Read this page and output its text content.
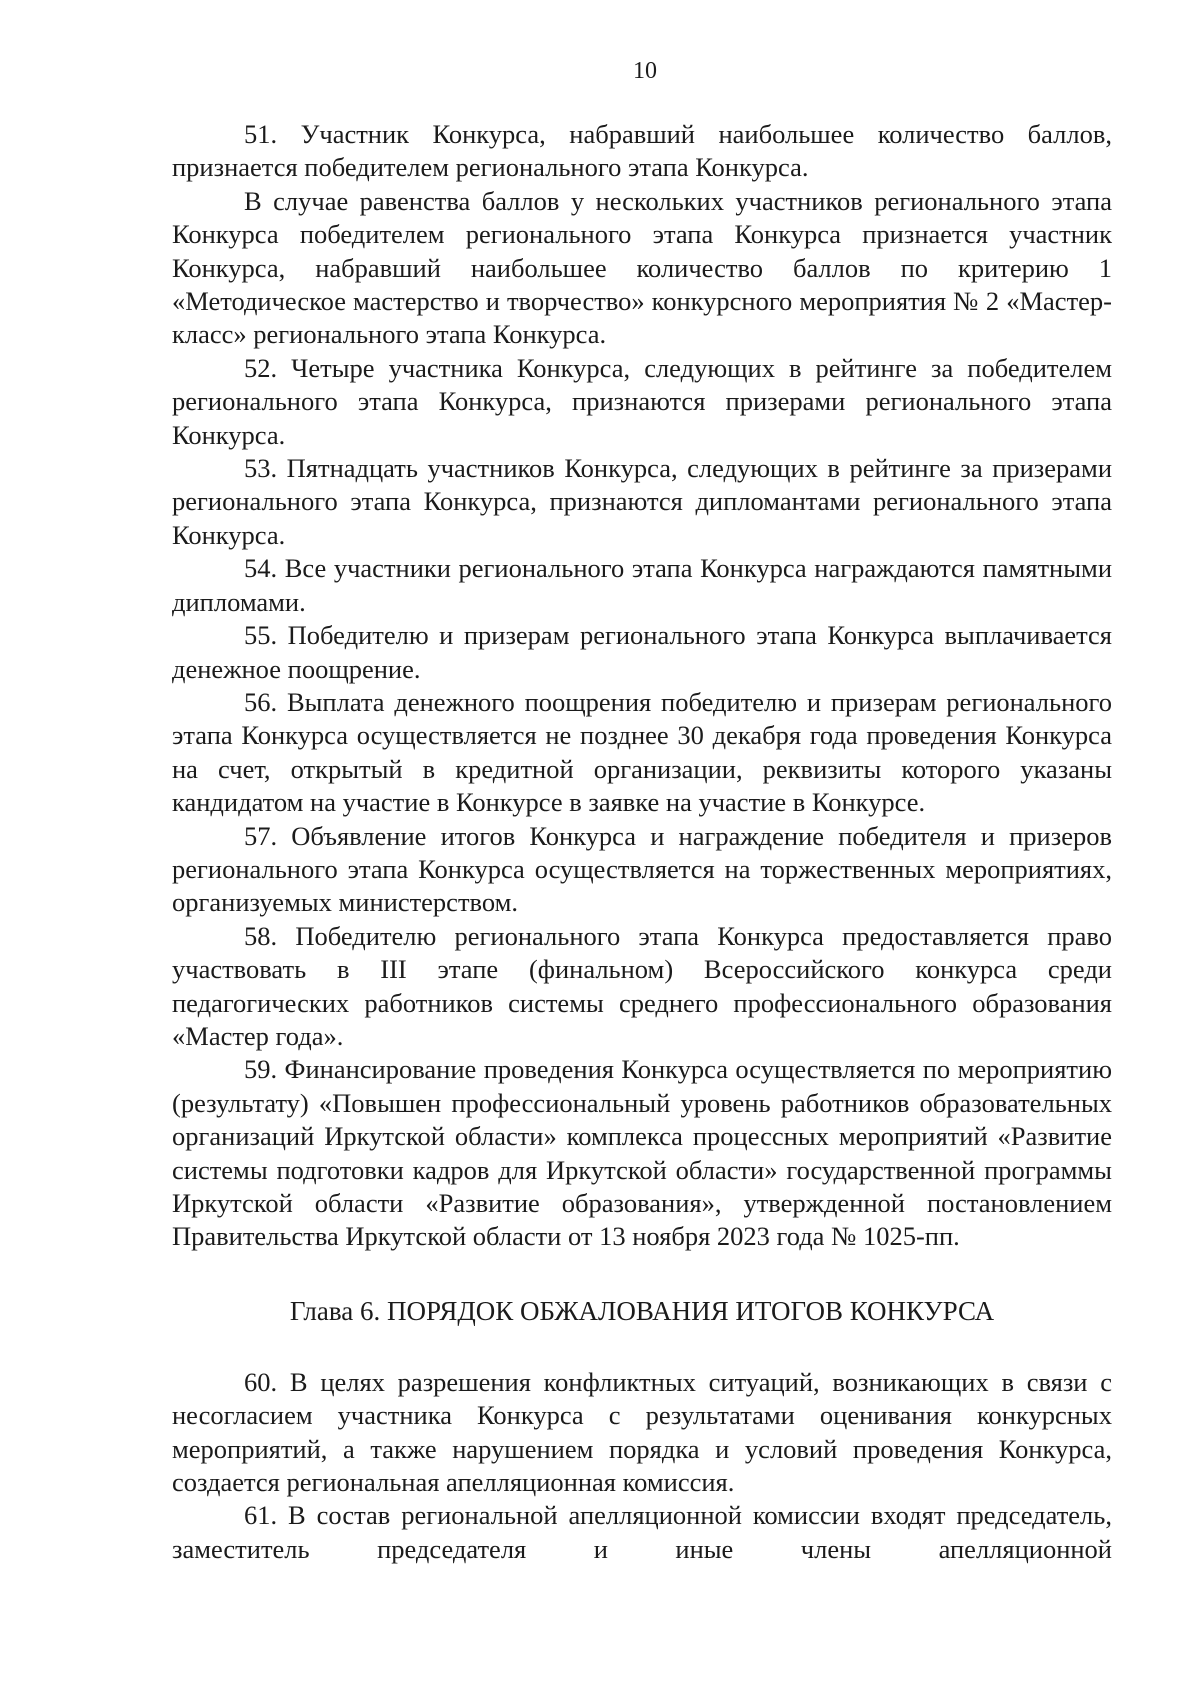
10

51. Участник Конкурса, набравший наибольшее количество баллов, признается победителем регионального этапа Конкурса.

В случае равенства баллов у нескольких участников регионального этапа Конкурса победителем регионального этапа Конкурса признается участник Конкурса, набравший наибольшее количество баллов по критерию 1 «Методическое мастерство и творчество» конкурсного мероприятия № 2 «Мастер-класс» регионального этапа Конкурса.

52. Четыре участника Конкурса, следующих в рейтинге за победителем регионального этапа Конкурса, признаются призерами регионального этапа Конкурса.

53. Пятнадцать участников Конкурса, следующих в рейтинге за призерами регионального этапа Конкурса, признаются дипломантами регионального этапа Конкурса.

54. Все участники регионального этапа Конкурса награждаются памятными дипломами.

55. Победителю и призерам регионального этапа Конкурса выплачивается денежное поощрение.

56. Выплата денежного поощрения победителю и призерам регионального этапа Конкурса осуществляется не позднее 30 декабря года проведения Конкурса на счет, открытый в кредитной организации, реквизиты которого указаны кандидатом на участие в Конкурсе в заявке на участие в Конкурсе.

57. Объявление итогов Конкурса и награждение победителя и призеров регионального этапа Конкурса осуществляется на торжественных мероприятиях, организуемых министерством.

58. Победителю регионального этапа Конкурса предоставляется право участвовать в III этапе (финальном) Всероссийского конкурса среди педагогических работников системы среднего профессионального образования «Мастер года».

59. Финансирование проведения Конкурса осуществляется по мероприятию (результату) «Повышен профессиональный уровень работников образовательных организаций Иркутской области» комплекса процессных мероприятий «Развитие системы подготовки кадров для Иркутской области» государственной программы Иркутской области «Развитие образования», утвержденной постановлением Правительства Иркутской области от 13 ноября 2023 года № 1025-пп.

Глава 6. ПОРЯДОК ОБЖАЛОВАНИЯ ИТОГОВ КОНКУРСА

60. В целях разрешения конфликтных ситуаций, возникающих в связи с несогласием участника Конкурса с результатами оценивания конкурсных мероприятий, а также нарушением порядка и условий проведения Конкурса, создается региональная апелляционная комиссия.

61. В состав региональной апелляционной комиссии входят председатель, заместитель председателя и иные члены апелляционной
